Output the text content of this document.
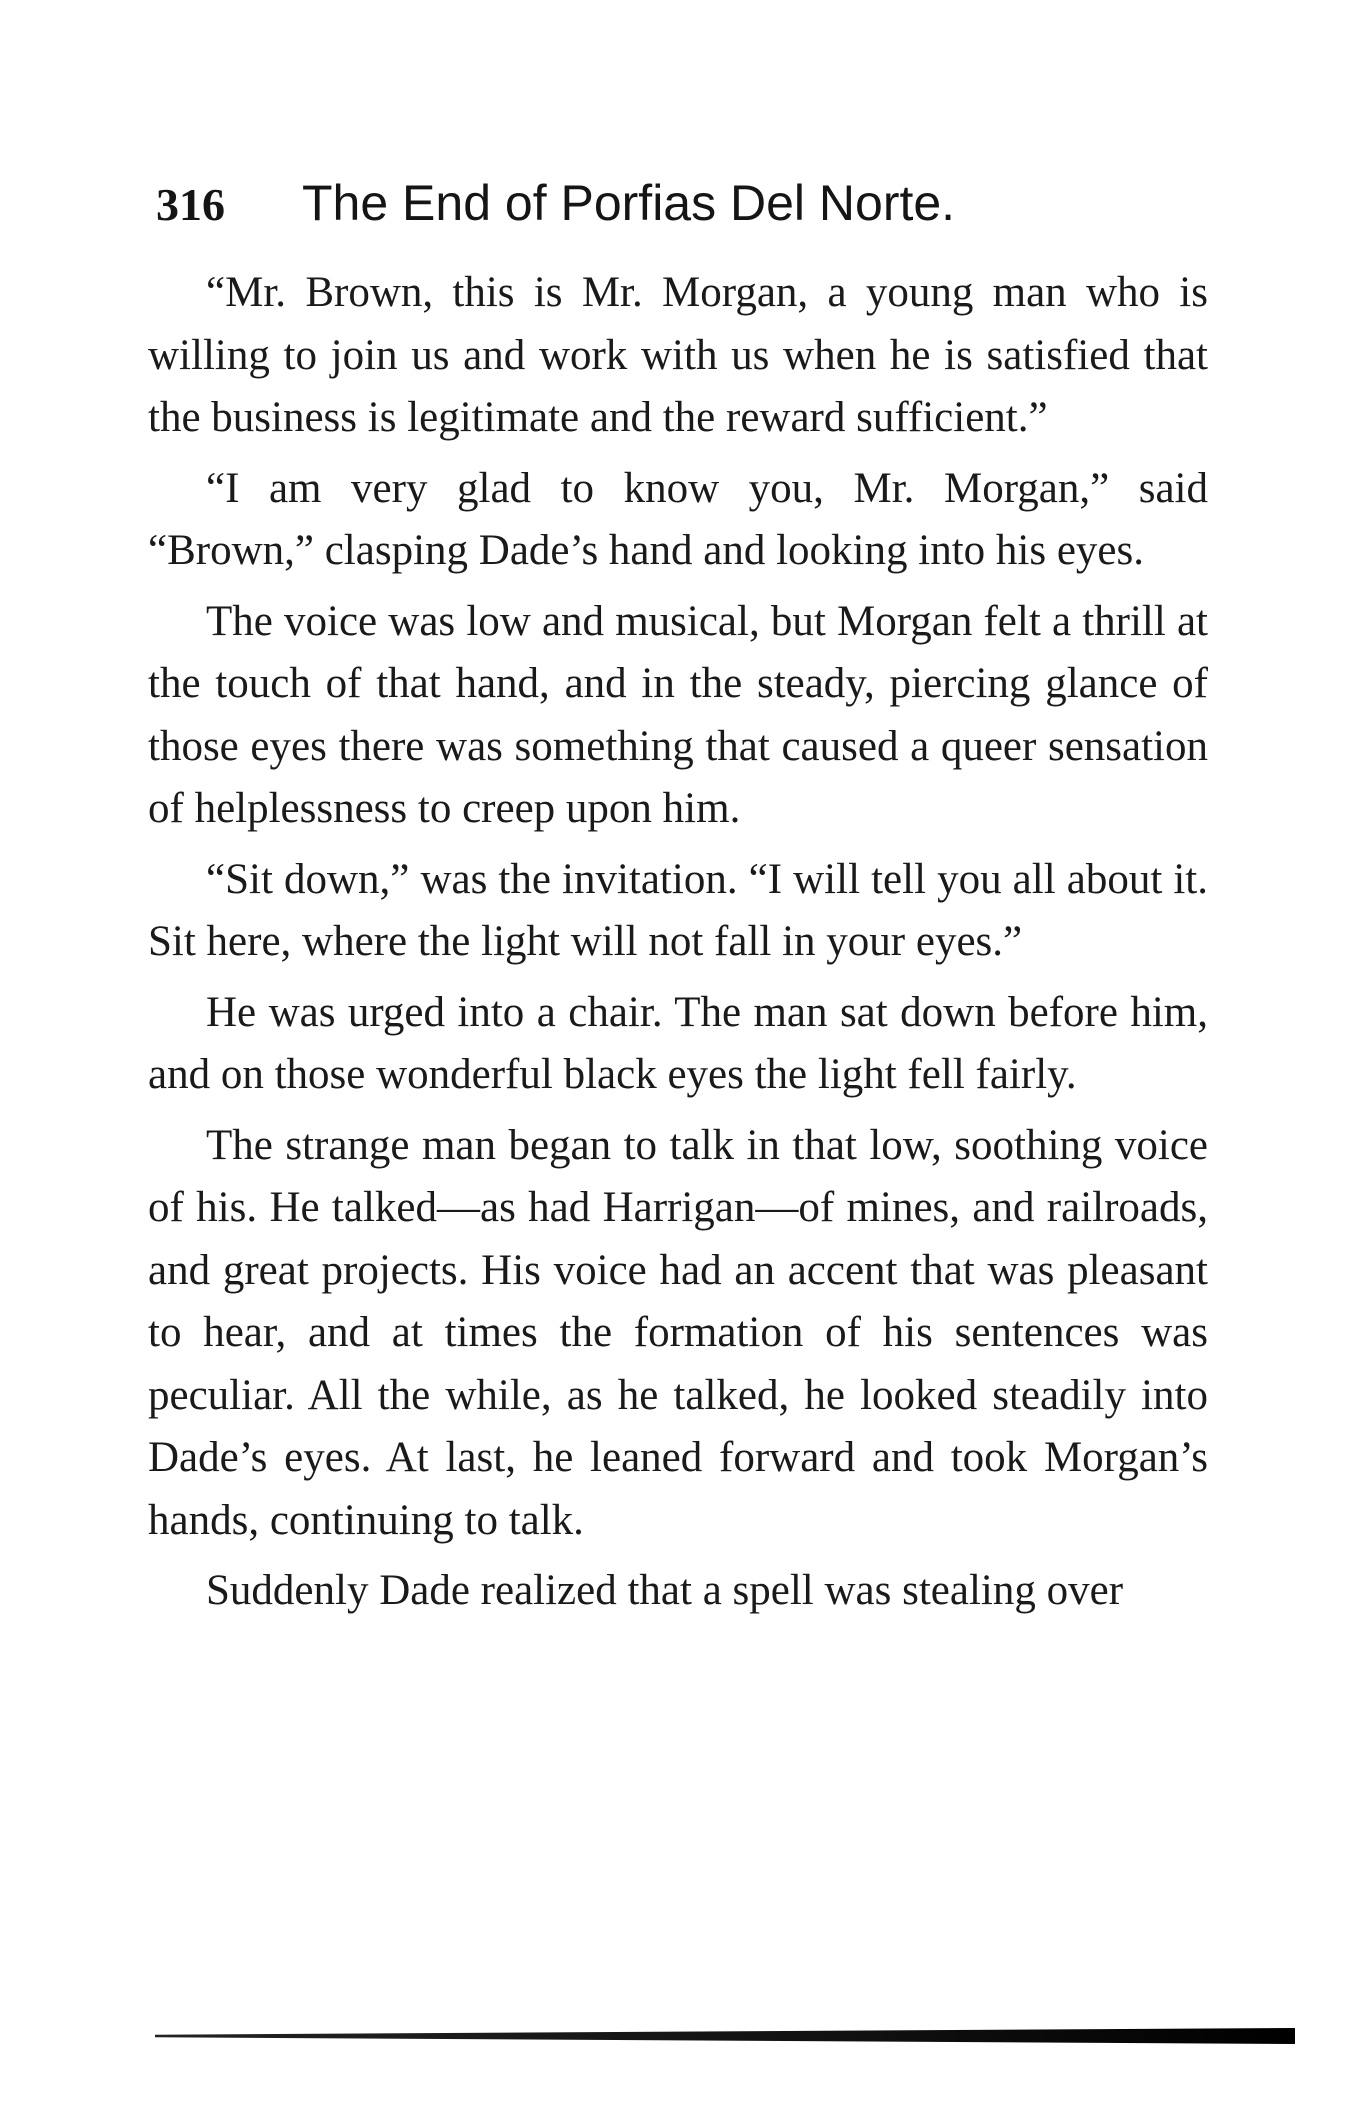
316 The End of Porfias Del Norte.

“Mr. Brown, this is Mr. Morgan, a young man who is willing to join us and work with us when he is satisfied that the business is legitimate and the reward sufficient.”

“I am very glad to know you, Mr. Morgan,” said “Brown,” clasping Dade’s hand and looking into his eyes.

The voice was low and musical, but Morgan felt a thrill at the touch of that hand, and in the steady, piercing glance of those eyes there was something that caused a queer sensation of helplessness to creep upon him.

“Sit down,” was the invitation. “I will tell you all about it. Sit here, where the light will not fall in your eyes.”

He was urged into a chair. The man sat down before him, and on those wonderful black eyes the light fell fairly.

The strange man began to talk in that low, soothing voice of his. He talked—as had Harrigan—of mines, and railroads, and great projects. His voice had an accent that was pleasant to hear, and at times the formation of his sentences was peculiar. All the while, as he talked, he looked steadily into Dade’s eyes. At last, he leaned forward and took Morgan’s hands, continuing to talk.

Suddenly Dade realized that a spell was stealing over
